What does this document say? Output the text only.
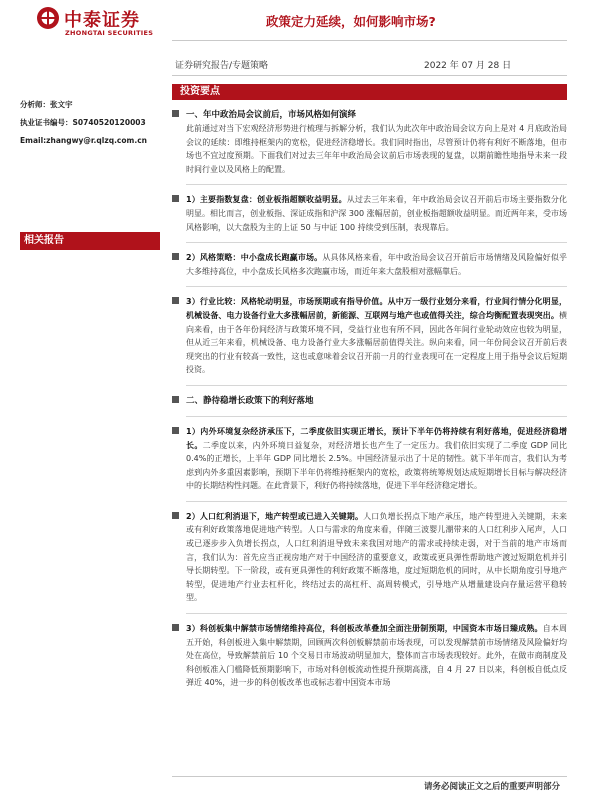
中泰证券
ZHONGTAI SECURITIES
政策定力延续，如何影响市场?
证券研究报告/专题策略	2022 年 07 月 28 日
分析师：张文宇
执业证书编号：S0740520120003
Email:zhangwy@r.qlzq.com.cn
相关报告
投资要点
一、年中政治局会议前后，市场风格如何演绎
此前通过对当下宏观经济形势进行梳理与拆解分析，我们认为此次年中政治局会议方向上是对 4 月底政治局会议的延续：即维持框架内的宽松，促进经济稳增长。我们同时指出，尽管预计仍将有利好不断落地，但市场也不宜过度预期。下面我们对过去三年年中政治局会议前后市场表现的复盘，以期前瞻性地指导未来一段时间行业以及风格上的配置。
1）主要指数复盘：创业板指超额收益明显。从过去三年来看，年中政治局会议召开前后市场主要指数分化明显。相比而言，创业板指、深证成指和沪深 300 涨幅居前，创业板指超额收益明显。而近两年来，受市场风格影响，以大盘股为主的上证 50 与中证 100 持续受到压制，表现靠后。
2）风格策略：中小盘成长跑赢市场。从具体风格来看，年中政治局会议召开前后市场情绪及风险偏好似乎大多维持高位，中小盘成长风格多次跑赢市场，而近年来大盘股相对涨幅靠后。
3）行业比较：风格轮动明显，市场预期或有指导价值。从中万一级行业划分来看，行业间行情分化明显，机械设备、电力设备行业大多涨幅居前，新能源、互联网与地产也或值得关注，综合均衡配置表现突出。横向来看，由于各年份间经济与政策环境不同，受益行业也有所不同，因此各年间行业轮动效应也较为明显，但从近三年来看，机械设备、电力设备行业大多涨幅居前值得关注。纵向来看，同一年份间会议召开前后表现突出的行业有较高一致性，这也或意味着会议召开前一月的行业表现可在一定程度上用于指导会议后短期投资。
二、静待稳增长政策下的利好落地
1）内外环境复杂经济承压下，二季度依旧实现正增长，预计下半年仍将持续有利好落地，促进经济稳增长。二季度以来，内外环境日益复杂，对经济增长也产生了一定压力。我们依旧实现了二季度 GDP 同比 0.4%的正增长，上半年 GDP 同比增长 2.5%。中国经济显示出了十足的韧性。就下半年而言，我们认为考虑到内外多重因素影响，预期下半年仍将维持框架内的宽松，政策将统筹规划达成短期增长目标与解决经济中的长期结构性问题。在此背景下，利好仍将持续落地，促进下半年经济稳定增长。
2）人口红利消退下，地产转型或已进入关键期。人口负增长拐点下地产承压，地产转型进入关键期，未来或有利好政策落地促进地产转型。人口与需求的角度来看，伴随三波婴儿潮带来的人口红利步入尾声，人口或已逐步步入负增长拐点，人口红利消退导致未来我国对地产的需求或持续走弱，对于当前的地产市场而言，我们认为：首先应当正视房地产对于中国经济的重要意义，政策或更具弹性帮助地产渡过短期危机并引导长期转型。下一阶段，或有更具弹性的利好政策不断落地，度过短期危机的同时，从中长期角度引导地产转型，促进地产行业去杠杆化，终结过去的高杠杆、高周转模式，引导地产从增量建设向存量运营平稳转型。
3）科创板集中解禁市场情绪维持高位，科创板改革叠加全面注册制预期，中国资本市场日臻成熟。自本周五开始，科创板进入集中解禁期，回顾两次科创板解禁前市场表现，可以发现解禁前市场情绪及风险偏好均处在高位，导致解禁前后 10 个交易日市场波动明显加大，整体而言市场表现较好。此外，在做市商制度及科创板准入门槛降低预期影响下，市场对科创板流动性提升预期高涨，自 4 月 27 日以来，科创板自低点反弹近 40%，进一步的科创板改革也或标志着中国资本市场
请务必阅读正文之后的重要声明部分
